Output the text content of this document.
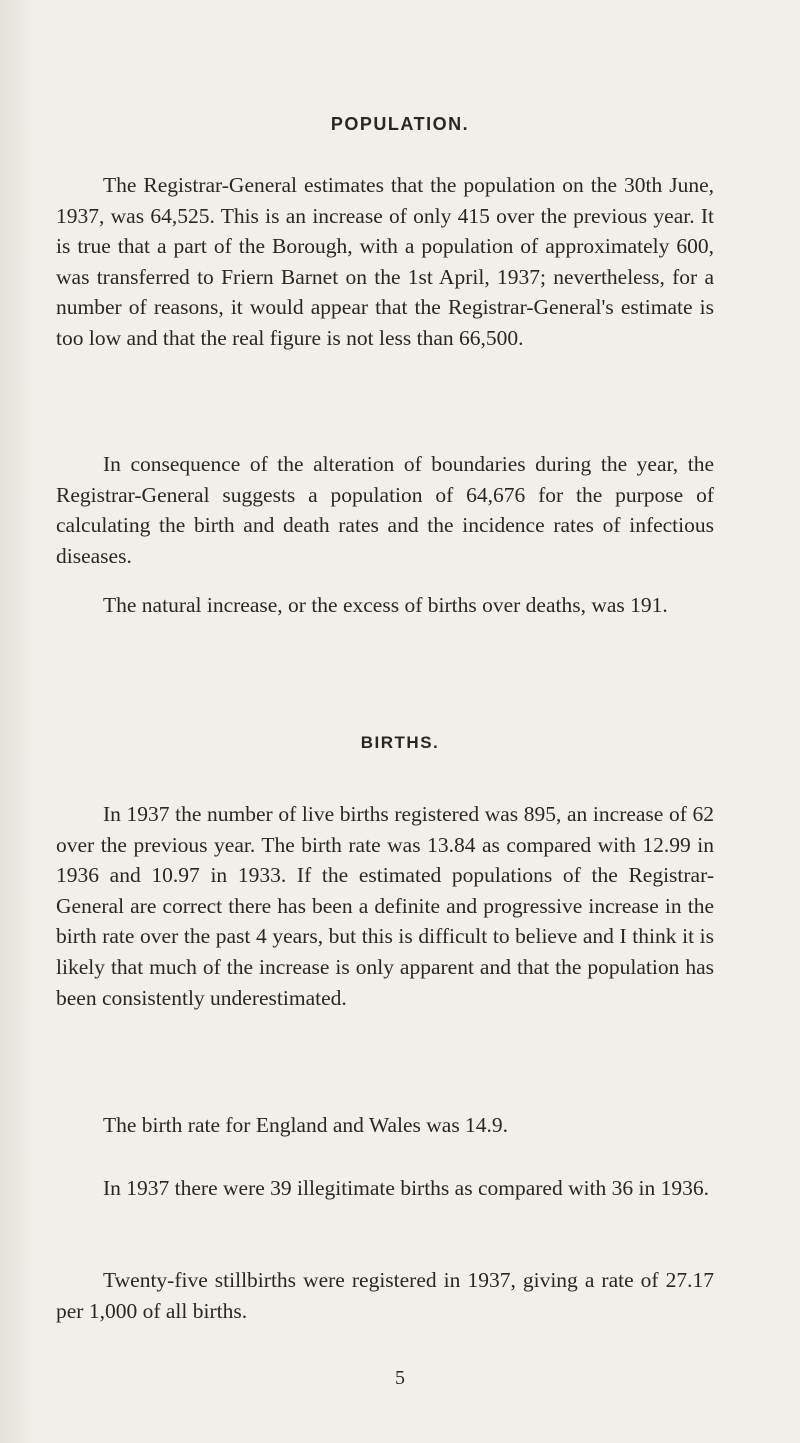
POPULATION.

The Registrar-General estimates that the population on the 30th June, 1937, was 64,525. This is an increase of only 415 over the previous year. It is true that a part of the Borough, with a population of approximately 600, was transferred to Friern Barnet on the 1st April, 1937; nevertheless, for a number of reasons, it would appear that the Registrar-General's estimate is too low and that the real figure is not less than 66,500.

In consequence of the alteration of boundaries during the year, the Registrar-General suggests a population of 64,676 for the purpose of calculating the birth and death rates and the incidence rates of infectious diseases.

The natural increase, or the excess of births over deaths, was 191.

BIRTHS.

In 1937 the number of live births registered was 895, an increase of 62 over the previous year. The birth rate was 13.84 as compared with 12.99 in 1936 and 10.97 in 1933. If the estimated populations of the Registrar-General are correct there has been a definite and progressive increase in the birth rate over the past 4 years, but this is difficult to believe and I think it is likely that much of the increase is only apparent and that the population has been consistently underestimated.

The birth rate for England and Wales was 14.9.

In 1937 there were 39 illegitimate births as compared with 36 in 1936.

Twenty-five stillbirths were registered in 1937, giving a rate of 27.17 per 1,000 of all births.

5
